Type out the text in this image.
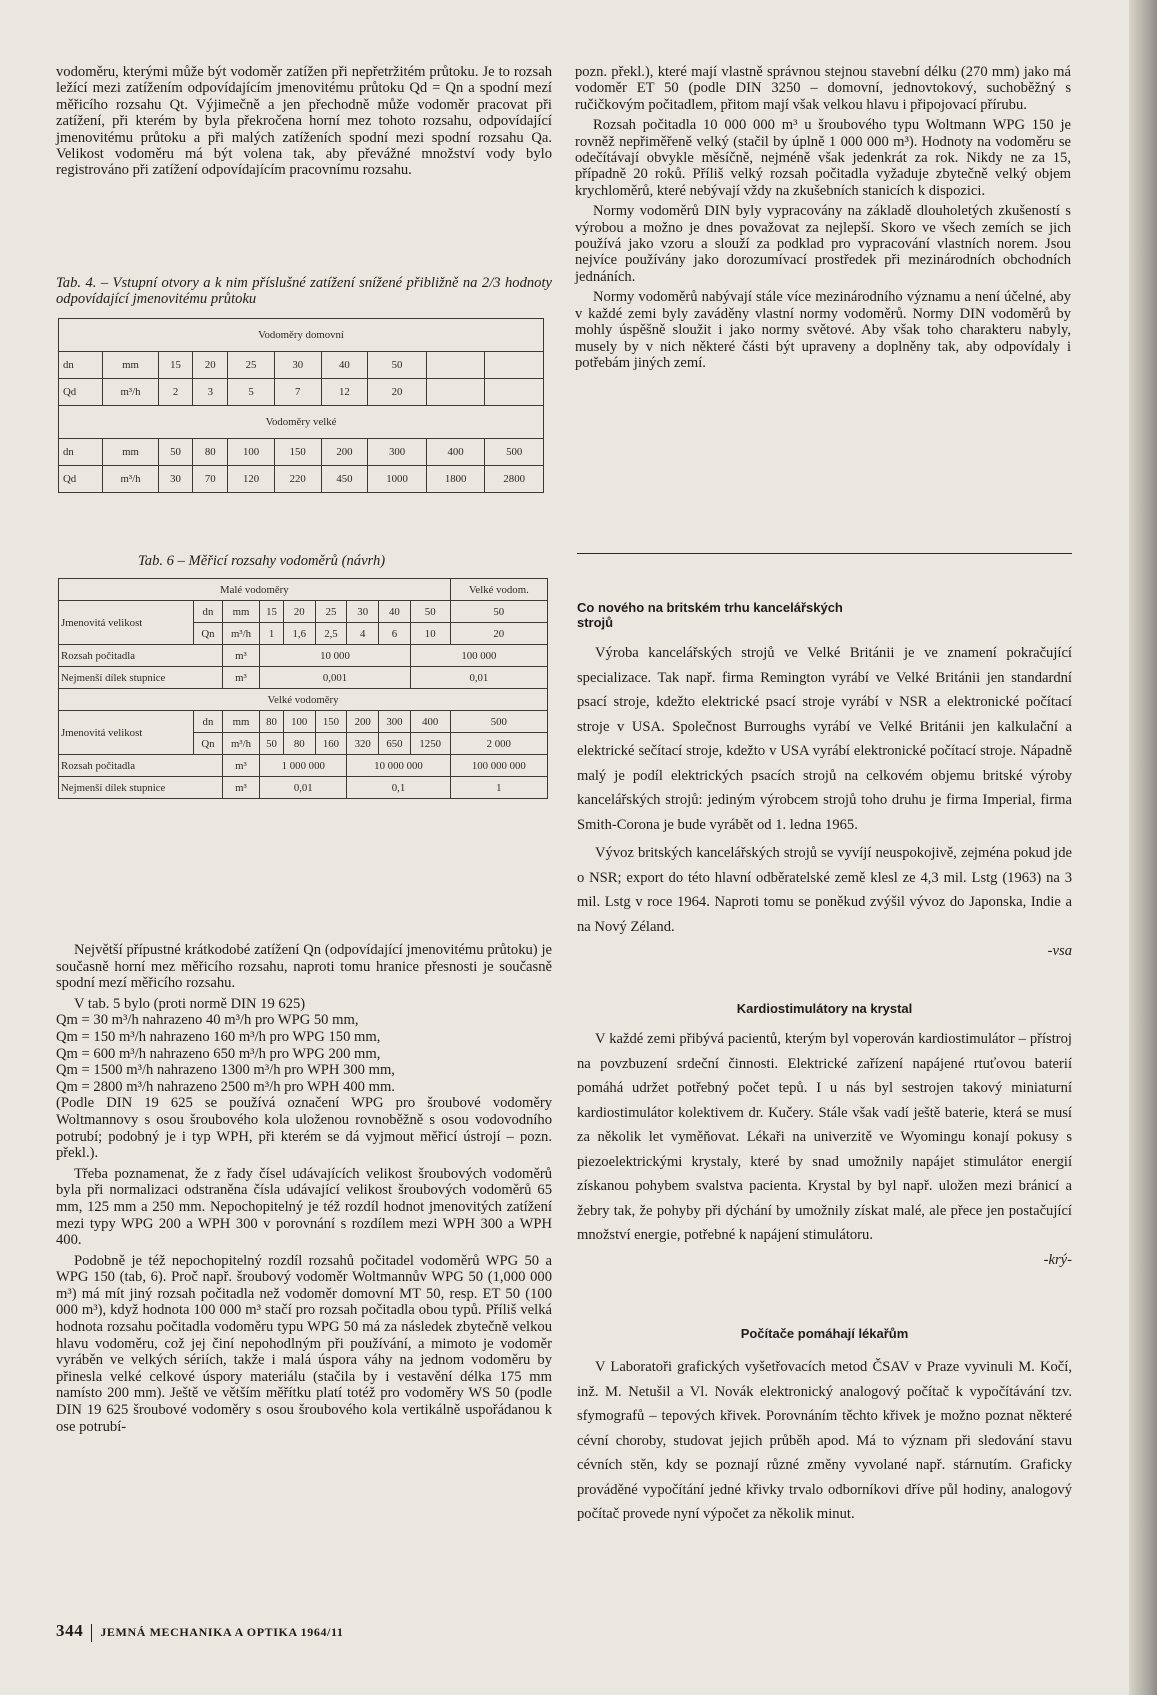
vodoměru, kterými může být vodoměr zatížen při nepřetržitém průtoku. Je to rozsah ležící mezi zatížením odpovídajícím jmenovitému průtoku Qd = Qn a spodní mezí měřicího rozsahu Qt. Výjimečně a jen přechodně může vodoměr pracovat při zatížení, při kterém by byla překročena horní mez tohoto rozsahu, odpovídající jmenovitému průtoku a při malých zatíženích spodní mezi spodní rozsahu Qa. Velikost vodoměru má být volena tak, aby převážné množství vody bylo registrováno při zatížení odpovídajícím pracovnímu rozsahu.

Tab. 4. – Vstupní otvory a k nim příslušné zatížení snížené přibližně na 2/3 hodnoty odpovídající jmenovitému průtoku
Vodoměry domovní									
dn	mm	15	20	25	30	40	50		
Qd	m³/h	2	3	5	7	12	20		
Vodoměry velké									
dn	mm	50	80	100	150	200	300	400	500
Qd	m³/h	30	70	120	220	450	1000	1800	2800
Tab. 6 – Měřicí rozsahy vodoměrů (návrh)
Malé vodoměry									Velké vodom.
Jmenovitá velikost	dn	mm	15	20	25	30	40	50	50
	Qn	m³/h	1	1,6	2,5	4	6	10	20
Rozsah počitadla		m³	10 000					100 000	
Nejmenší dílek stupnice		m³	0,001					0,01	
Velké vodoměry									
Jmenovitá velikost	dn	mm	80	100	150	200	300	400	500
	Qn	m³/h	50	80	160	320	650	1250	2 000
Rozsah počitadla		m³	1 000 000			10 000 000			100 000 000
Nejmenší dílek stupnice		m³	0,01			0,1			1

Největší přípustné krátkodobé zatížení Qn (odpovídající jmenovitému průtoku) je současně horní mez měřicího rozsahu, naproti tomu hranice přesnosti je současně spodní mezí měřicího rozsahu.

V tab. 5 bylo (proti normě DIN 19 625)

Qm = 30 m³/h nahrazeno 40 m³/h pro WPG 50 mm,

Qm = 150 m³/h nahrazeno 160 m³/h pro WPG 150 mm,

Qm = 600 m³/h nahrazeno 650 m³/h pro WPG 200 mm,

Qm = 1500 m³/h nahrazeno 1300 m³/h pro WPH 300 mm,

Qm = 2800 m³/h nahrazeno 2500 m³/h pro WPH 400 mm.

(Podle DIN 19 625 se používá označení WPG pro šroubové vodoměry Woltmannovy s osou šroubového kola uloženou rovnoběžně s osou vodovodního potrubí; podobný je i typ WPH, při kterém se dá vyjmout měřicí ústrojí – pozn. překl.).

Třeba poznamenat, že z řady čísel udávajících velikost šroubových vodoměrů byla při normalizaci odstraněna čísla udávající velikost šroubových vodoměrů 65 mm, 125 mm a 250 mm. Nepochopitelný je též rozdíl hodnot jmenovitých zatížení mezi typy WPG 200 a WPH 300 v porovnání s rozdílem mezi WPH 300 a WPH 400.

Podobně je též nepochopitelný rozdíl rozsahů počitadel vodoměrů WPG 50 a WPG 150 (tab, 6). Proč např. šroubový vodoměr Woltmannův WPG 50 (1,000 000 m³) má mít jiný rozsah počitadla než vodoměr domovní MT 50, resp. ET 50 (100 000 m³), když hodnota 100 000 m³ stačí pro rozsah počitadla obou typů. Příliš velká hodnota rozsahu počitadla vodoměru typu WPG 50 má za následek zbytečně velkou hlavu vodoměru, což jej činí nepohodlným při používání, a mimoto je vodoměr vyráběn ve velkých sériích, takže i malá úspora váhy na jednom vodoměru by přinesla velké celkové úspory materiálu (stačila by i vestavění délka 175 mm namísto 200 mm). Ještě ve větším měřítku platí totéž pro vodoměry WS 50 (podle DIN 19 625 šroubové vodoměry s osou šroubového kola vertikálně uspořádanou k ose potrubí-

pozn. překl.), které mají vlastně správnou stejnou stavební délku (270 mm) jako má vodoměr ET 50 (podle DIN 3250 – domovní, jednovtokový, suchoběžný s ručičkovým počitadlem, přitom mají však velkou hlavu i připojovací přírubu.

Rozsah počitadla 10 000 000 m³ u šroubového typu Woltmann WPG 150 je rovněž nepřiměřeně velký (stačil by úplně 1 000 000 m³). Hodnoty na vodoměru se odečítávají obvykle měsíčně, nejméně však jedenkrát za rok. Nikdy ne za 15, případně 20 roků. Příliš velký rozsah počitadla vyžaduje zbytečně velký objem krychloměrů, které nebývají vždy na zkušebních stanicích k dispozici.

Normy vodoměrů DIN byly vypracovány na základě dlouholetých zkušeností s výrobou a možno je dnes považovat za nejlepší. Skoro ve všech zemích se jich používá jako vzoru a slouží za podklad pro vypracování vlastních norem. Jsou nejvíce používány jako dorozumívací prostředek při mezinárodních obchodních jednáních.

Normy vodoměrů nabývají stále více mezinárodního významu a není účelné, aby v každé zemi byly zaváděny vlastní normy vodoměrů. Normy DIN vodoměrů by mohly úspěšně sloužit i jako normy světové. Aby však toho charakteru nabyly, musely by v nich některé části být upraveny a doplněny tak, aby odpovídaly i potřebám jiných zemí.

Co nového na britském trhu kancelářských strojů

Výroba kancelářských strojů ve Velké Británii je ve znamení pokračující specializace. Tak např. firma Remington vyrábí ve Velké Británii jen standardní psací stroje, kdežto elektrické psací stroje vyrábí v NSR a elektronické počítací stroje v USA. Společnost Burroughs vyrábí ve Velké Británii jen kalkulační a elektrické sečítací stroje, kdežto v USA vyrábí elektronické počítací stroje. Nápadně malý je podíl elektrických psacích strojů na celkovém objemu britské výroby kancelářských strojů: jediným výrobcem strojů toho druhu je firma Imperial, firma Smith-Corona je bude vyrábět od 1. ledna 1965.

Vývoz britských kancelářských strojů se vyvíjí neuspokojivě, zejména pokud jde o NSR; export do této hlavní odběratelské země klesl ze 4,3 mil. Lstg (1963) na 3 mil. Lstg v roce 1964. Naproti tomu se poněkud zvýšil vývoz do Japonska, Indie a na Nový Zéland.

-vsa
Kardiostimulátory na krystal

V každé zemi přibývá pacientů, kterým byl voperován kardiostimulátor – přístroj na povzbuzení srdeční činnosti. Elektrické zařízení napájené rtuťovou baterií pomáhá udržet potřebný počet tepů. I u nás byl sestrojen takový miniaturní kardiostimulátor kolektivem dr. Kučery. Stále však vadí ještě baterie, která se musí za několik let vyměňovat. Lékaři na univerzitě ve Wyomingu konají pokusy s piezoelektrickými krystaly, které by snad umožnily napájet stimulátor energií získanou pohybem svalstva pacienta. Krystal by byl např. uložen mezi bránicí a žebry tak, že pohyby při dýchání by umožnily získat malé, ale přece jen postačující množství energie, potřebné k napájení stimulátoru.

-krý-
Počítače pomáhají lékařům

V Laboratoři grafických vyšetřovacích metod ČSAV v Praze vyvinuli M. Kočí, inž. M. Netušil a Vl. Novák elektronický analogový počítač k vypočítávání tzv. sfymografů – tepových křivek. Porovnáním těchto křivek je možno poznat některé cévní choroby, studovat jejich průběh apod. Má to význam při sledování stavu cévních stěn, kdy se poznají různé změny vyvolané např. stárnutím. Graficky prováděné vypočítání jedné křivky trvalo odborníkovi dříve půl hodiny, analogový počítač provede nyní výpočet za několik minut.

344 JEMNÁ MECHANIKA A OPTIKA 1964/11
